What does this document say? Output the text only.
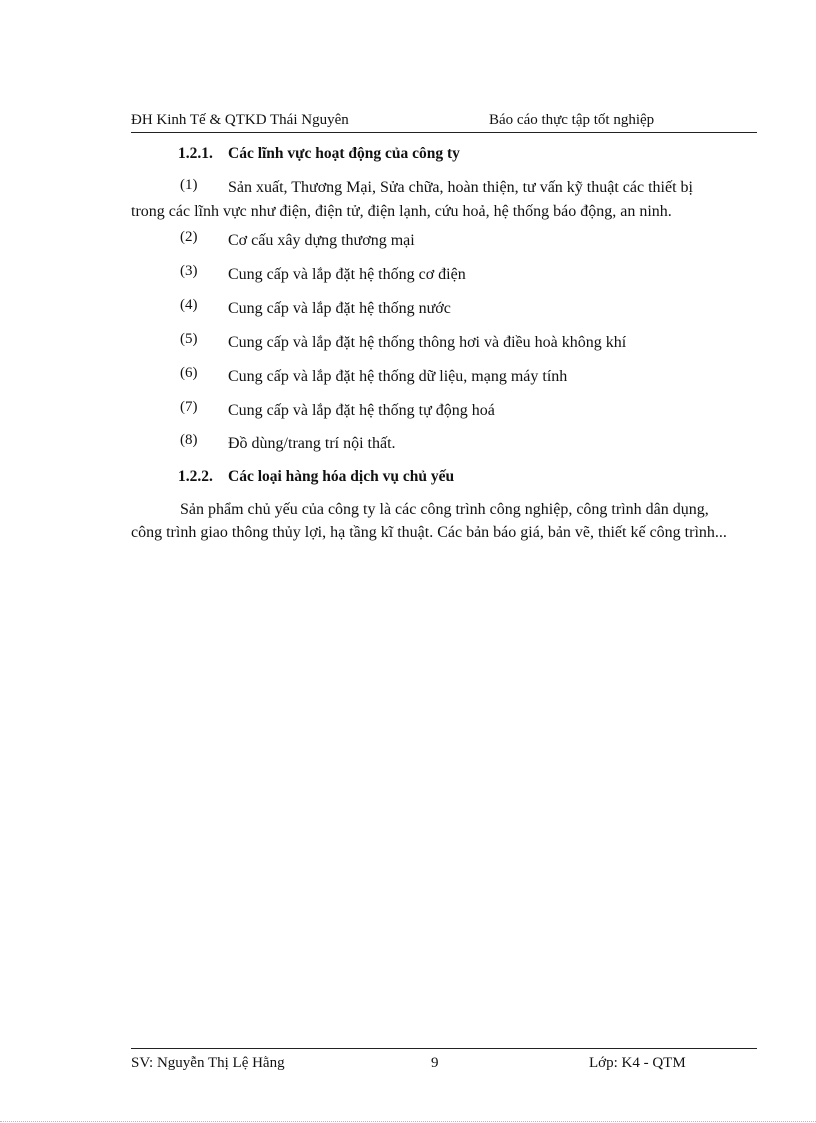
ĐH Kinh Tế & QTKD Thái Nguyên	Báo cáo thực tập tốt nghiệp
1.2.1. Các lĩnh vực hoạt động của công ty
(1) Sản xuất, Thương Mại, Sửa chữa, hoàn thiện, tư vấn kỹ thuật các thiết bị
trong các lĩnh vực như điện, điện tử, điện lạnh, cứu hoả, hệ thống báo động, an ninh.
(2) Cơ cấu xây dựng thương mại
(3) Cung cấp và lắp đặt hệ thống cơ điện
(4) Cung cấp và lắp đặt hệ thống nước
(5) Cung cấp và lắp đặt hệ thống thông hơi và điều hoà không khí
(6) Cung cấp và lắp đặt hệ thống dữ liệu, mạng máy tính
(7) Cung cấp và lắp đặt hệ thống tự động hoá
(8) Đồ dùng/trang trí nội thất.
1.2.2. Các loại hàng hóa dịch vụ chủ yếu
Sản phẩm chủ yếu của công ty là các công trình công nghiệp, công trình dân dụng, công trình giao thông thủy lợi, hạ tầng kĩ thuật. Các bản báo giá, bản vẽ, thiết kế công trình...
SV: Nguyễn Thị Lệ Hằng	9	Lớp: K4 - QTM
